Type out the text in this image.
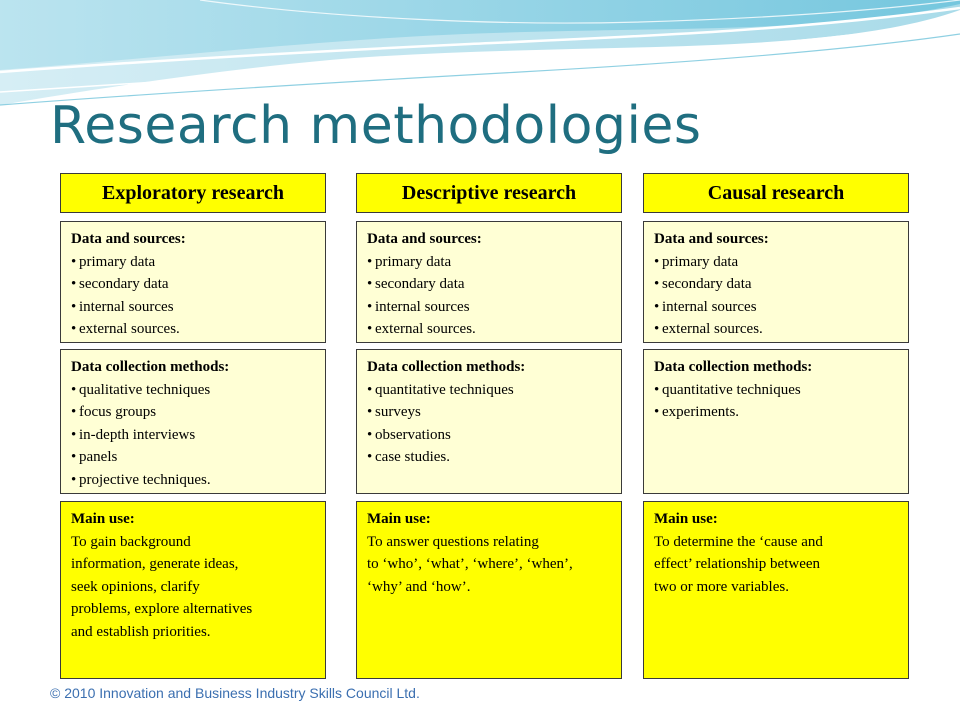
Research methodologies
Exploratory research
Data and sources:
• primary data
• secondary data
• internal sources
• external sources.
Data collection methods:
• qualitative techniques
• focus groups
• in-depth interviews
• panels
• projective techniques.
Main use:
To gain background
information, generate ideas,
seek opinions, clarify
problems, explore alternatives
and establish priorities.
Descriptive research
Data and sources:
• primary data
• secondary data
• internal sources
• external sources.
Data collection methods:
• quantitative techniques
• surveys
• observations
• case studies.
Main use:
To answer questions relating
to ‘who’, ‘what’, ‘where’, ‘when’,
‘why’ and ‘how’.
Causal research
Data and sources:
• primary data
• secondary data
• internal sources
• external sources.
Data collection methods:
• quantitative techniques
• experiments.
Main use:
To determine the ‘cause and
effect’ relationship between
two or more variables.
© 2010 Innovation and Business Industry Skills Council Ltd.
